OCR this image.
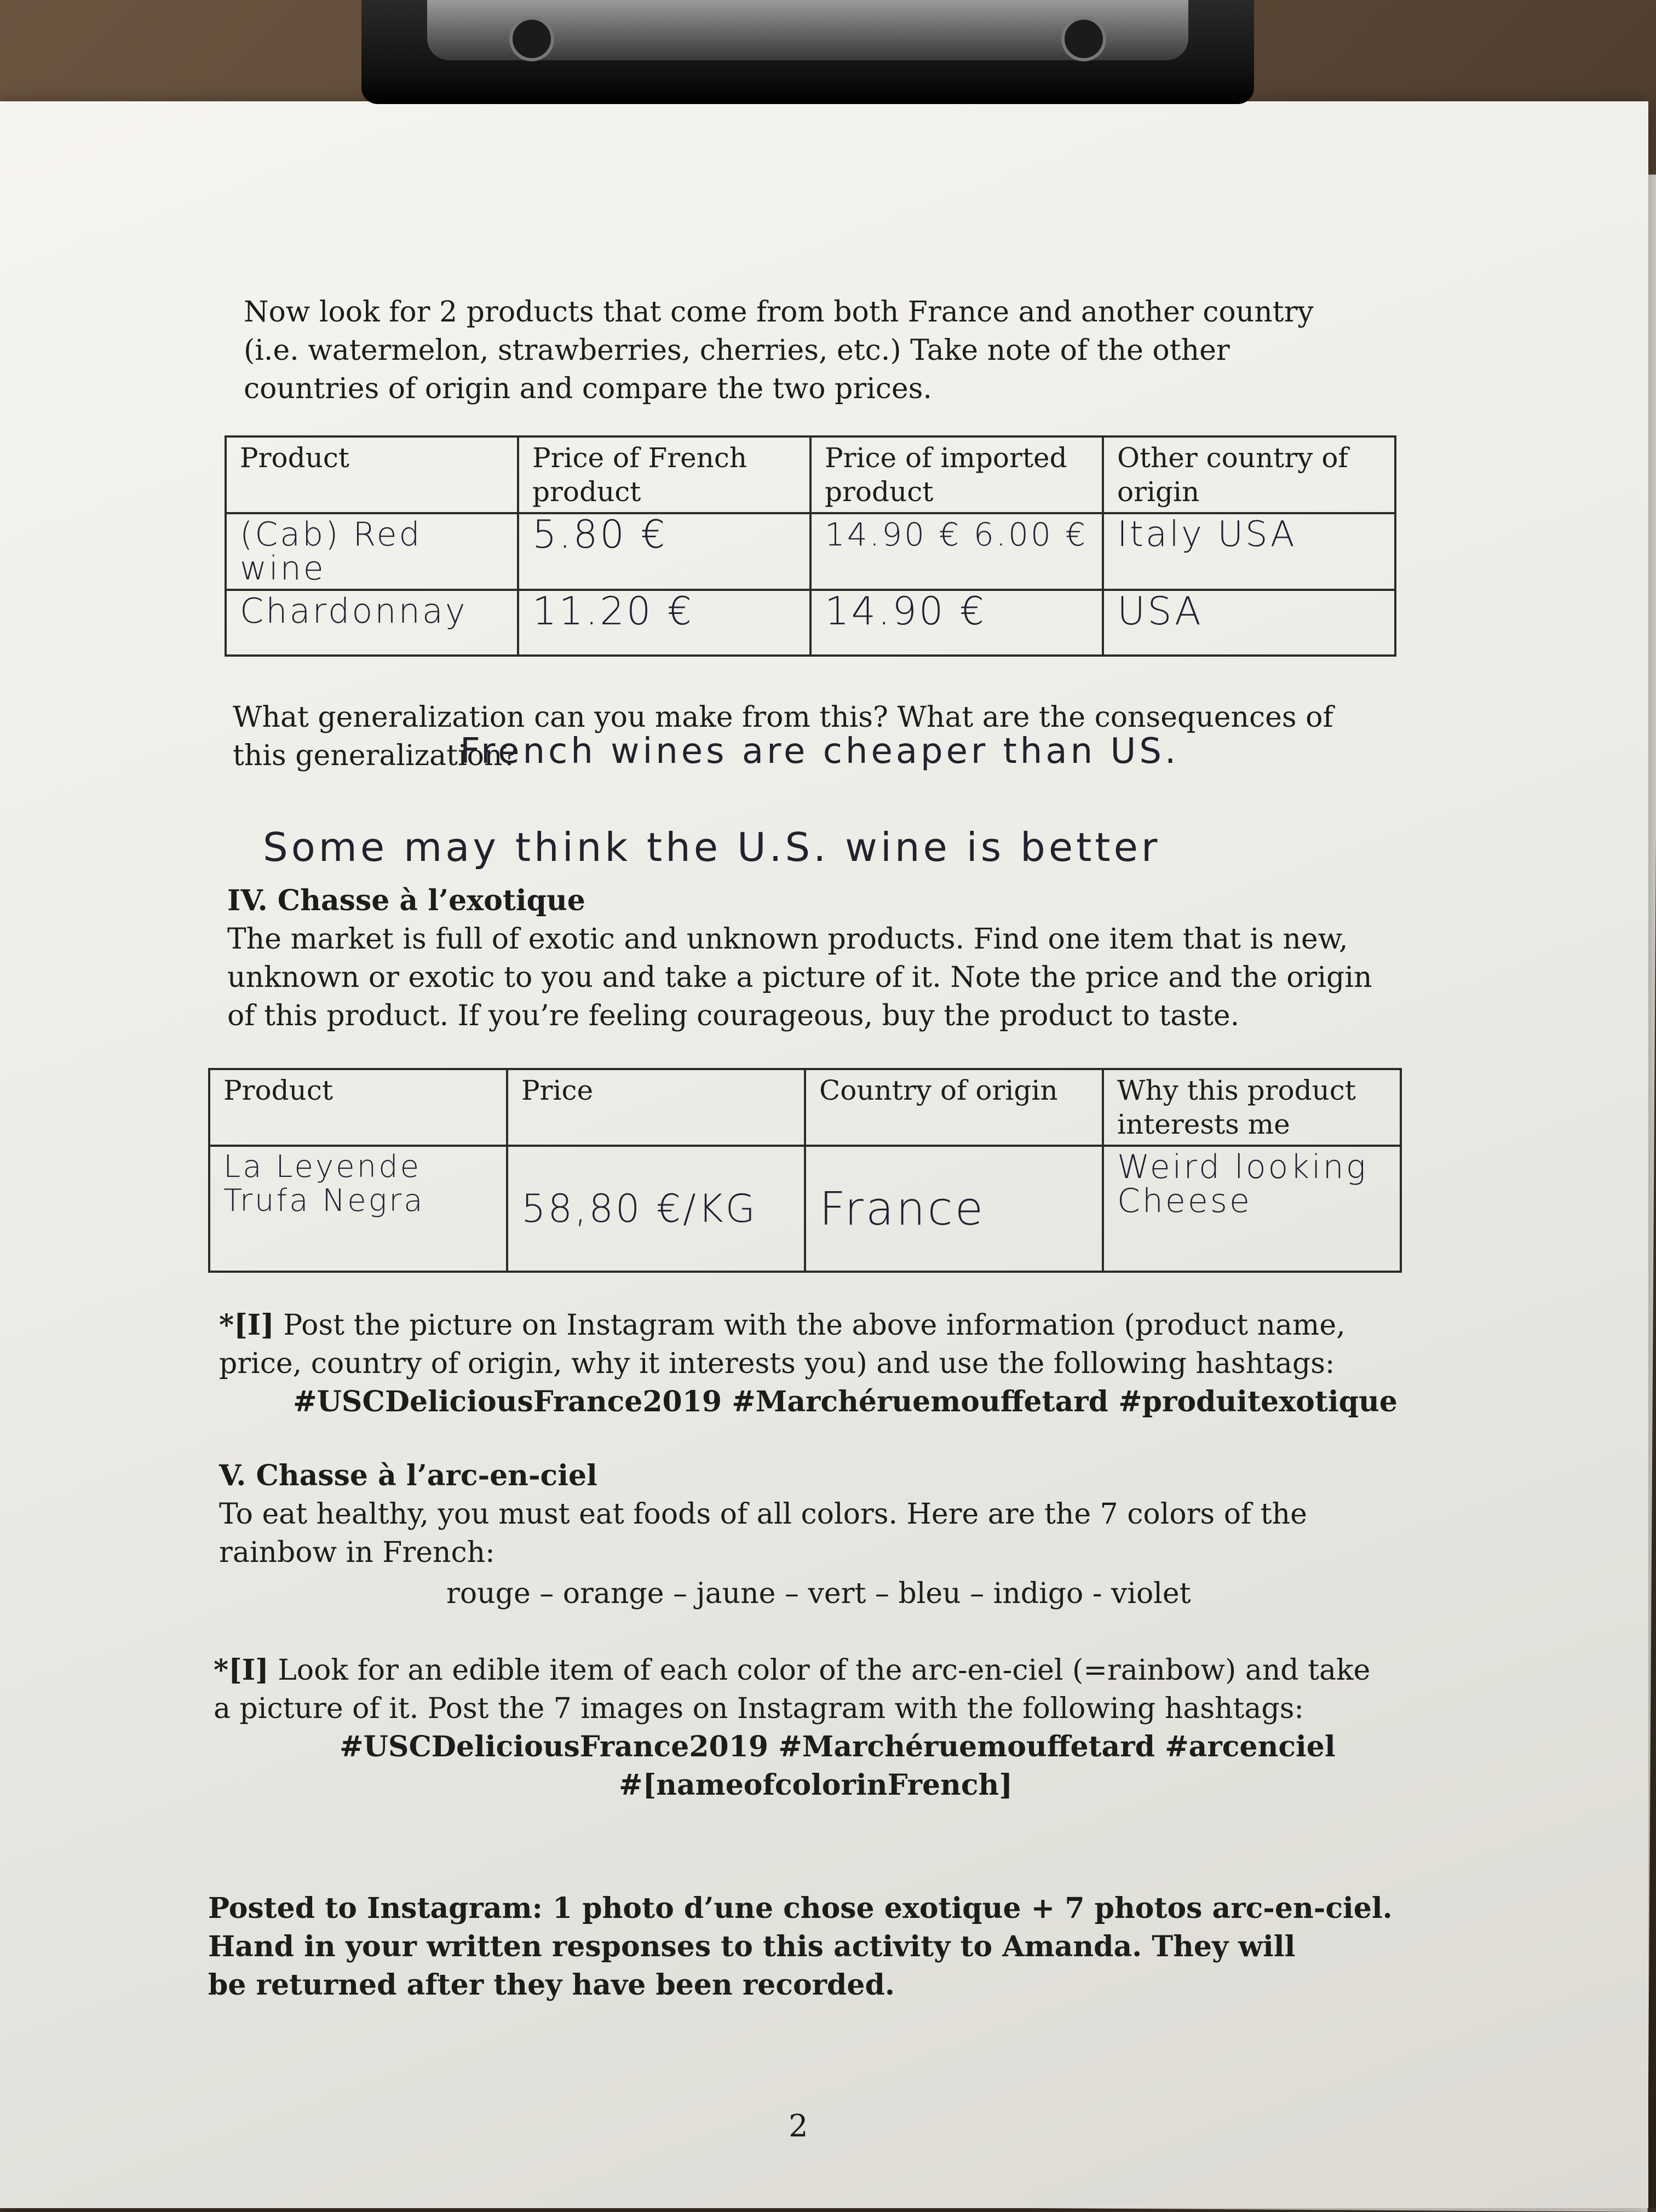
Now look for 2 products that come from both France and another country (i.e. watermelon, strawberries, cherries, etc.) Take note of the other countries of origin and compare the two prices.

Product	Price of French product	Price of imported product	Other country of origin
(Cab) Red wine	5.80 €	14.90 € 6.00 €	Italy USA
Chardonnay	11.20 €	14.90 €	USA

What generalization can you make from this? What are the consequences of this generalization?

French wines are cheaper than US.
Some may think the U.S. wine is better

IV. Chasse à l’exotique

The market is full of exotic and unknown products. Find one item that is new, unknown or exotic to you and take a picture of it. Note the price and the origin of this product. If you’re feeling courageous, buy the product to taste.

Product	Price	Country of origin	Why this product interests me
La Leyende Trufa Negra	58,80 €/KG	France	Weird looking Cheese

*[I] Post the picture on Instagram with the above information (product name, price, country of origin, why it interests you) and use the following hashtags:

#USCDeliciousFrance2019 #Marchéruemouffetard #produitexotique

V. Chasse à l’arc-en-ciel

To eat healthy, you must eat foods of all colors. Here are the 7 colors of the rainbow in French:

rouge – orange – jaune – vert – bleu – indigo - violet

*[I] Look for an edible item of each color of the arc-en-ciel (=rainbow) and take a picture of it. Post the 7 images on Instagram with the following hashtags:

#USCDeliciousFrance2019 #Marchéruemouffetard #arcenciel

#[nameofcolorinFrench]

Posted to Instagram: 1 photo d’une chose exotique + 7 photos arc-en-ciel.

Hand in your written responses to this activity to Amanda. They will be returned after they have been recorded.

2
